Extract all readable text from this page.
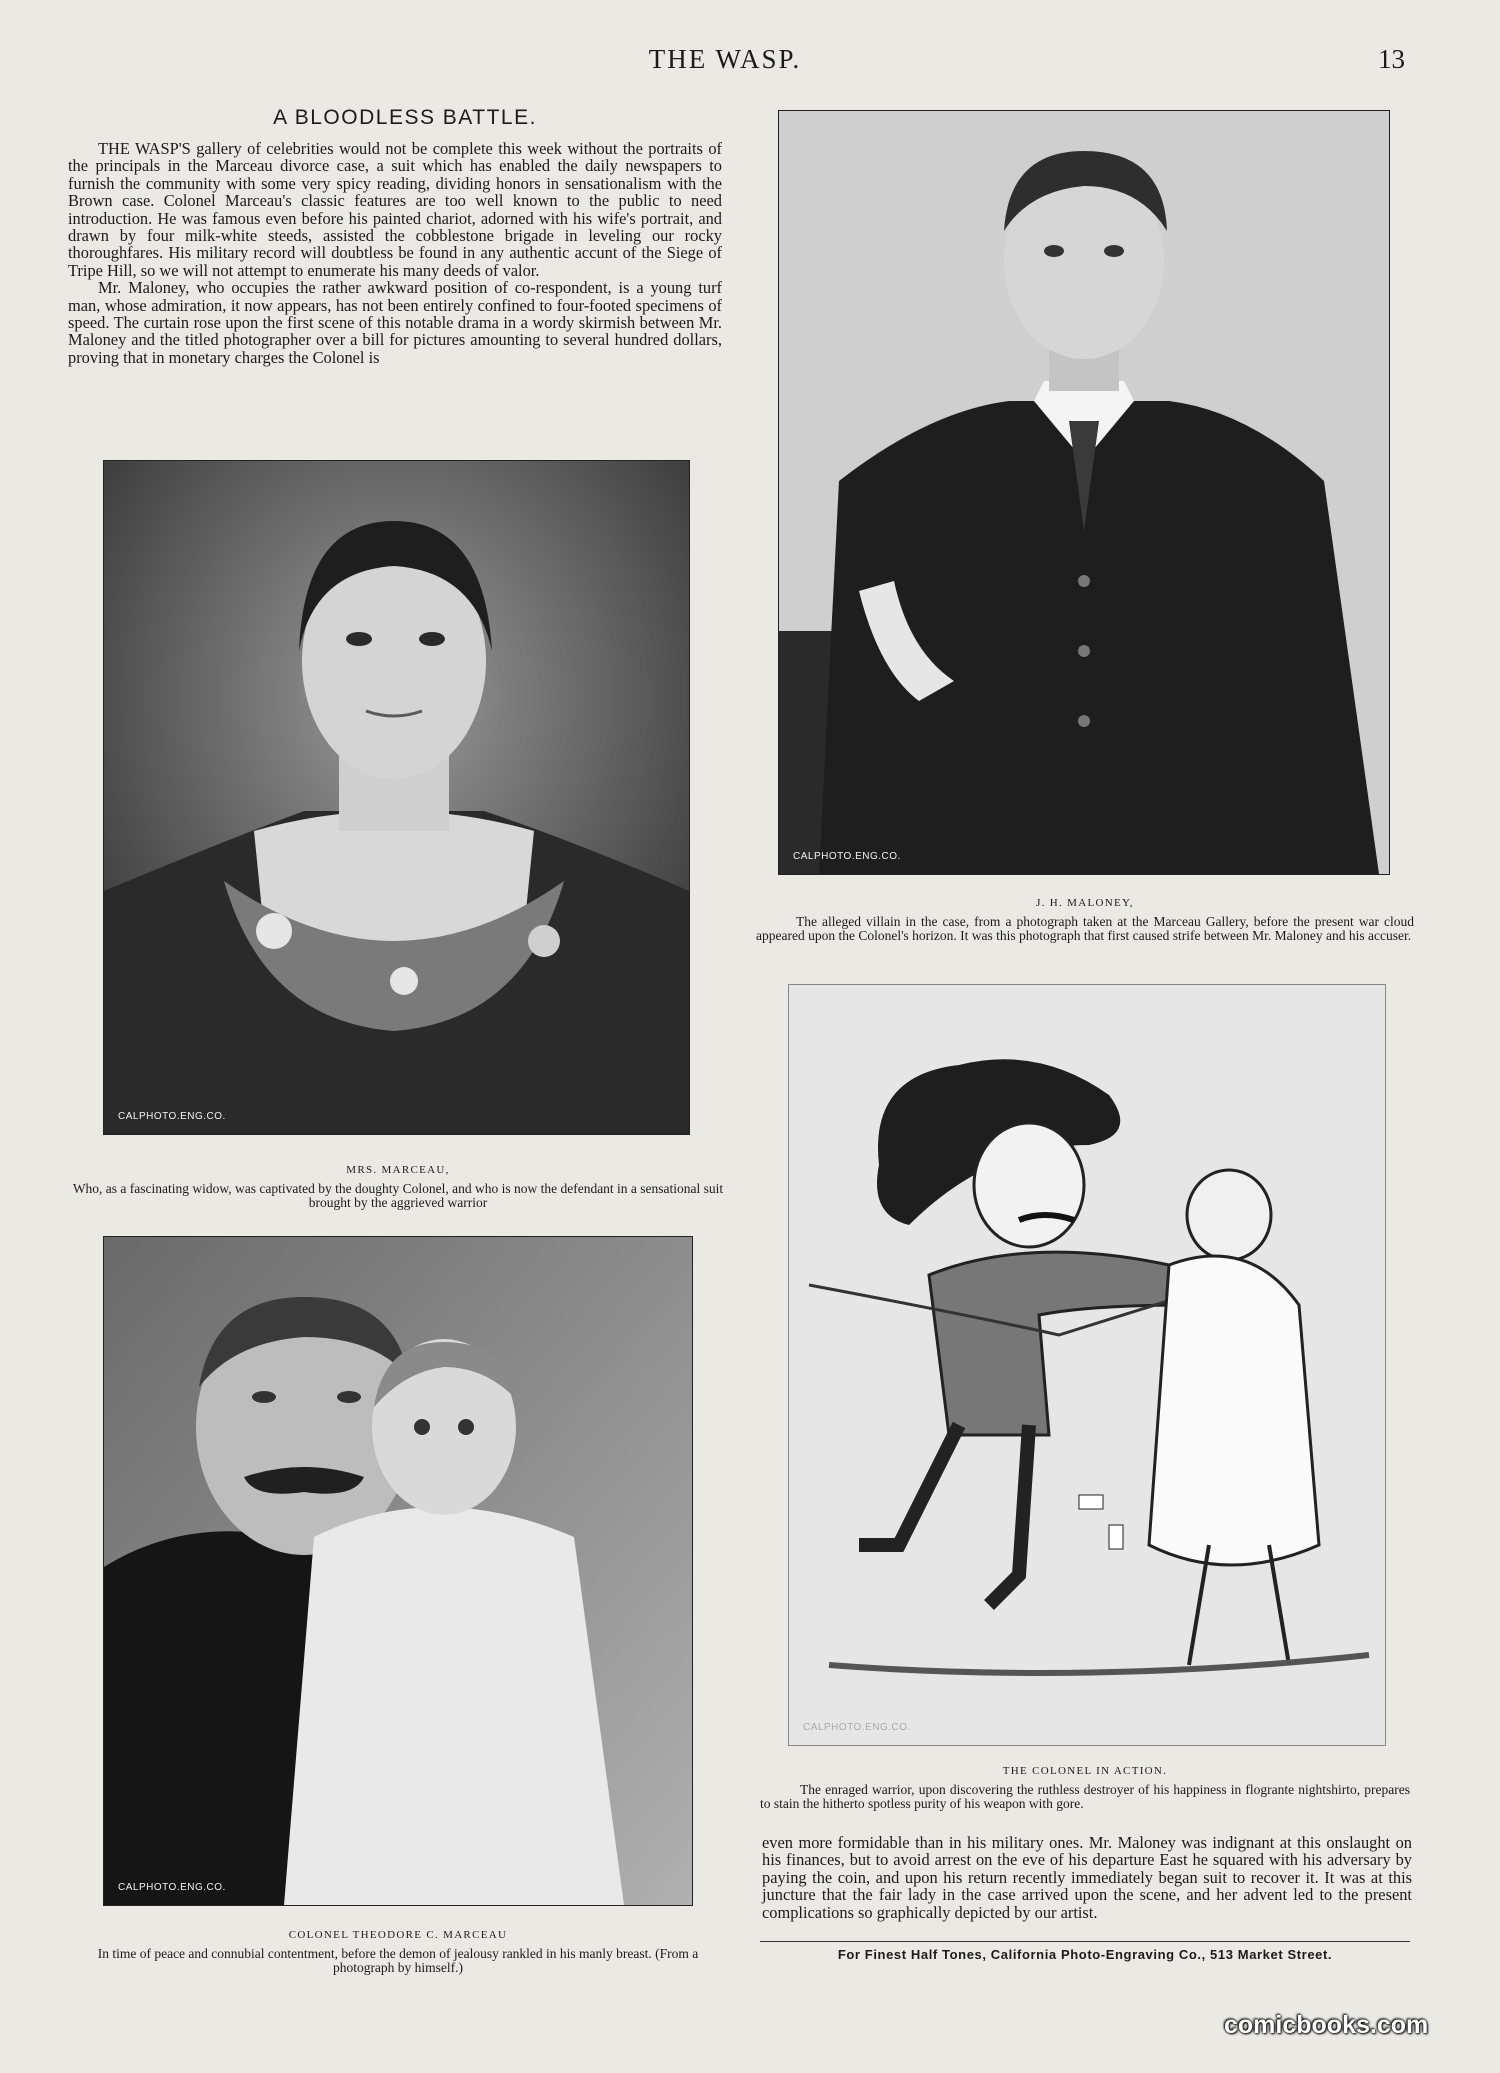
THE WASP.	13
A BLOODLESS BATTLE.

THE WASP'S gallery of celebrities would not be complete this week without the portraits of the principals in the Marceau divorce case, a suit which has enabled the daily newspapers to furnish the community with some very spicy reading, dividing honors in sensationalism with the Brown case. Colonel Marceau's classic features are too well known to the public to need introduction. He was famous even before his painted chariot, adorned with his wife's portrait, and drawn by four milk-white steeds, assisted the cobblestone brigade in leveling our rocky thoroughfares. His military record will doubtless be found in any authentic accunt of the Siege of Tripe Hill, so we will not attempt to enumerate his many deeds of valor.

Mr. Maloney, who occupies the rather awkward position of co-respondent, is a young turf man, whose admiration, it now appears, has not been entirely confined to four-footed specimens of speed. The curtain rose upon the first scene of this notable drama in a wordy skirmish between Mr. Maloney and the titled photographer over a bill for pictures amounting to several hundred dollars, proving that in monetary charges the Colonel is

CALPHOTO.ENG.CO.
MRS. MARCEAU,
Who, as a fascinating widow, was captivated by the doughty Colonel, and who is now the defendant in a sensational suit brought by the aggrieved warrior
CALPHOTO.ENG.CO.
COLONEL THEODORE C. MARCEAU
In time of peace and connubial contentment, before the demon of jealousy rankled in his manly breast. (From a photograph by himself.)
CALPHOTO.ENG.CO.
J. H. MALONEY,
The alleged villain in the case, from a photograph taken at the Marceau Gallery, before the present war cloud appeared upon the Colonel's horizon. It was this photograph that first caused strife between Mr. Maloney and his accuser.
CALPHOTO.ENG.CO.
THE COLONEL IN ACTION.
The enraged warrior, upon discovering the ruthless destroyer of his happiness in flogrante nightshirto, prepares to stain the hitherto spotless purity of his weapon with gore.
even more formidable than in his military ones. Mr. Maloney was indignant at this onslaught on his finances, but to avoid arrest on the eve of his departure East he squared with his adversary by paying the coin, and upon his return recently immediately began suit to recover it. It was at this juncture that the fair lady in the case arrived upon the scene, and her advent led to the present complications so graphically depicted by our artist.
For Finest Half Tones, California Photo-Engraving Co., 513 Market Street.
comicbooks.com
